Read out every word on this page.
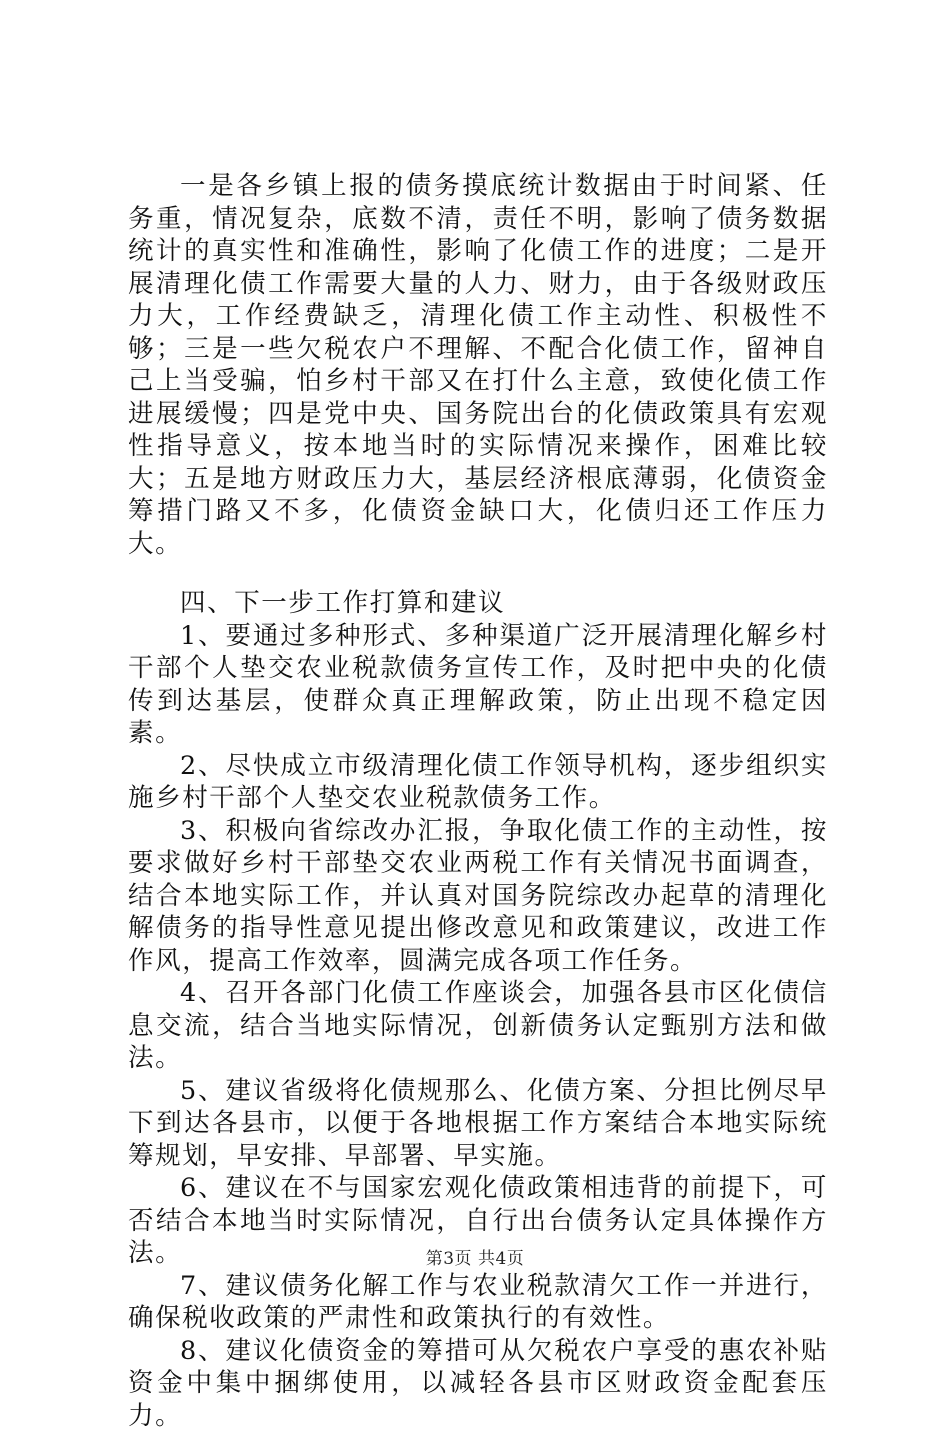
一是各乡镇上报的债务摸底统计数据由于时间紧、任务重，情况复杂，底数不清，责任不明，影响了债务数据统计的真实性和准确性，影响了化债工作的进度；二是开展清理化债工作需要大量的人力、财力，由于各级财政压力大，工作经费缺乏，清理化债工作主动性、积极性不够；三是一些欠税农户不理解、不配合化债工作，留神自己上当受骗，怕乡村干部又在打什么主意，致使化债工作进展缓慢；四是党中央、国务院出台的化债政策具有宏观性指导意义，按本地当时的实际情况来操作，困难比较大；五是地方财政压力大，基层经济根底薄弱，化债资金筹措门路又不多，化债资金缺口大，化债归还工作压力大。

四、下一步工作打算和建议

1、要通过多种形式、多种渠道广泛开展清理化解乡村干部个人垫交农业税款债务宣传工作，及时把中央的化债传到达基层，使群众真正理解政策，防止出现不稳定因素。

2、尽快成立市级清理化债工作领导机构，逐步组织实施乡村干部个人垫交农业税款债务工作。

3、积极向省综改办汇报，争取化债工作的主动性，按要求做好乡村干部垫交农业两税工作有关情况书面调查，结合本地实际工作，并认真对国务院综改办起草的清理化解债务的指导性意见提出修改意见和政策建议，改进工作作风，提高工作效率，圆满完成各项工作任务。

4、召开各部门化债工作座谈会，加强各县市区化债信息交流，结合当地实际情况，创新债务认定甄别方法和做法。

5、建议省级将化债规那么、化债方案、分担比例尽早下到达各县市，以便于各地根据工作方案结合本地实际统筹规划，早安排、早部署、早实施。

6、建议在不与国家宏观化债政策相违背的前提下，可否结合本地当时实际情况，自行出台债务认定具体操作方法。

7、建议债务化解工作与农业税款清欠工作一并进行，确保税收政策的严肃性和政策执行的有效性。

8、建议化债资金的筹措可从欠税农户享受的惠农补贴资金中集中捆绑使用，以减轻各县市区财政资金配套压力。

第3页 共4页
